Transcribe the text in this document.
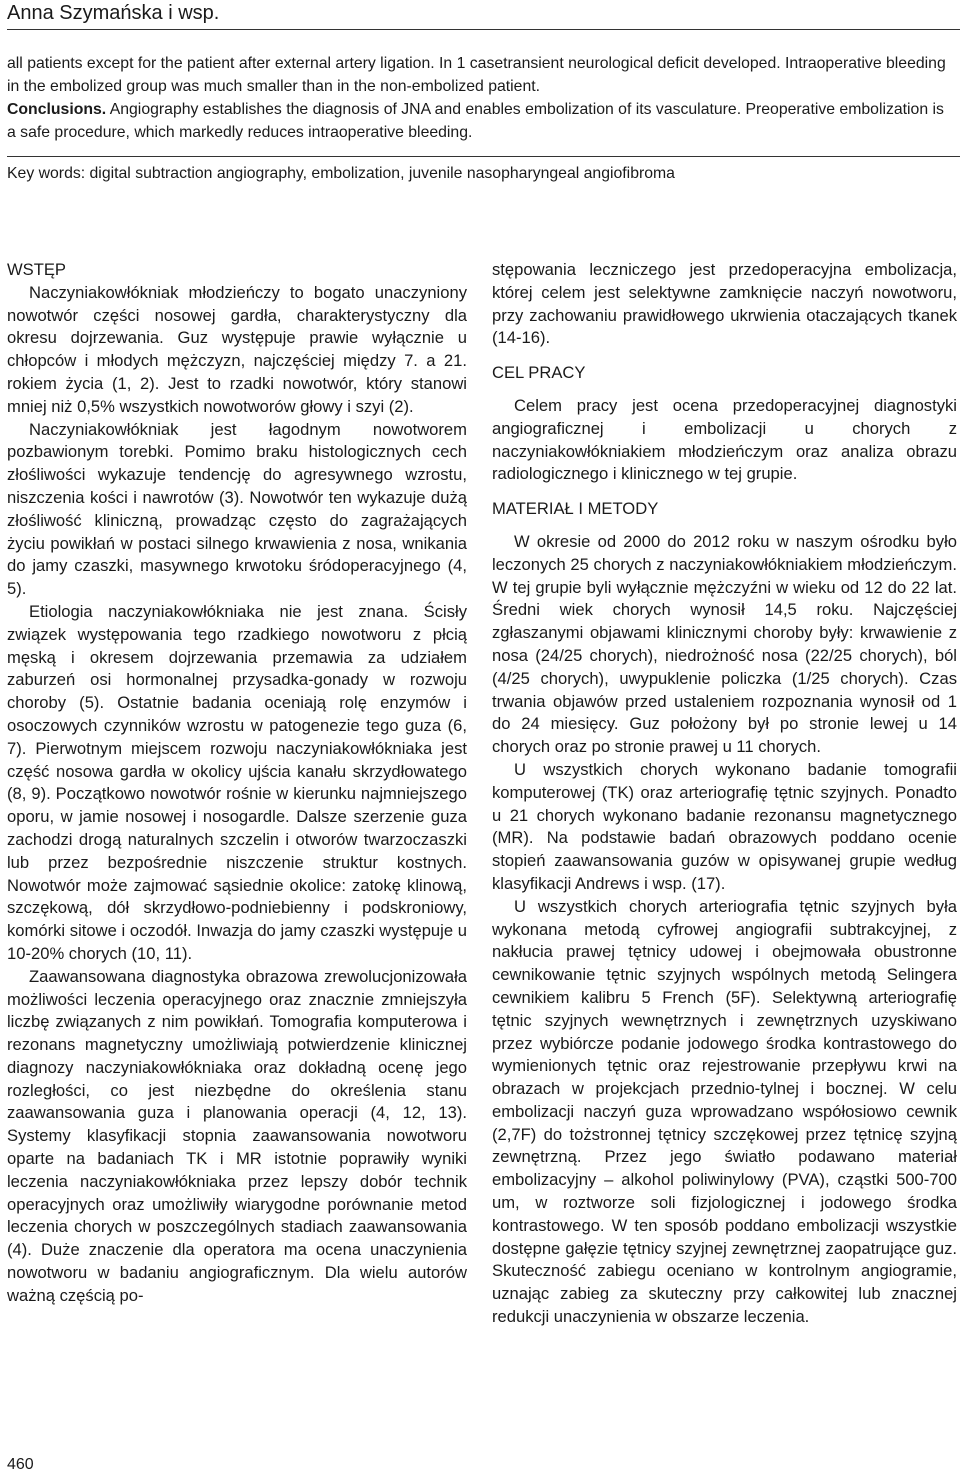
Anna Szymańska i wsp.

all patients except for the patient after external artery ligation. In 1 casetransient neurological deficit developed. Intraoperative bleeding in the embolized group was much smaller than in the non-embolized patient.

Conclusions. Angiography establishes the diagnosis of JNA and enables embolization of its vasculature. Preoperative embolization is a safe procedure, which markedly reduces intraoperative bleeding.

Key words: digital subtraction angiography, embolization, juvenile nasopharyngeal angiofibroma
WSTĘP

Naczyniakowłókniak młodzieńczy to bogato unaczyniony nowotwór części nosowej gardła, charakterystyczny dla okresu dojrzewania. Guz występuje prawie wyłącznie u chłopców i młodych mężczyzn, najczęściej między 7. a 21. rokiem życia (1, 2). Jest to rzadki nowotwór, który stanowi mniej niż 0,5% wszystkich nowotworów głowy i szyi (2).

Naczyniakowłókniak jest łagodnym nowotworem pozbawionym torebki. Pomimo braku histologicznych cech złośliwości wykazuje tendencję do agresywnego wzrostu, niszczenia kości i nawrotów (3). Nowotwór ten wykazuje dużą złośliwość kliniczną, prowadząc często do zagrażających życiu powikłań w postaci silnego krwawienia z nosa, wnikania do jamy czaszki, masywnego krwotoku śródoperacyjnego (4, 5).

Etiologia naczyniakowłókniaka nie jest znana. Ścisły związek występowania tego rzadkiego nowotworu z płcią męską i okresem dojrzewania przemawia za udziałem zaburzeń osi hormonalnej przysadka-gonady w rozwoju choroby (5). Ostatnie badania oceniają rolę enzymów i osoczowych czynników wzrostu w patogenezie tego guza (6, 7). Pierwotnym miejscem rozwoju naczyniakowłókniaka jest część nosowa gardła w okolicy ujścia kanału skrzydłowatego (8, 9). Początkowo nowotwór rośnie w kierunku najmniejszego oporu, w jamie nosowej i nosogardle. Dalsze szerzenie guza zachodzi drogą naturalnych szczelin i otworów twarzoczaszki lub przez bezpośrednie niszczenie struktur kostnych. Nowotwór może zajmować sąsiednie okolice: zatokę klinową, szczękową, dół skrzydłowo-podniebienny i podskroniowy, komórki sitowe i oczodół. Inwazja do jamy czaszki występuje u 10-20% chorych (10, 11).

Zaawansowana diagnostyka obrazowa zrewolucjonizowała możliwości leczenia operacyjnego oraz znacznie zmniejszyła liczbę związanych z nim powikłań. Tomografia komputerowa i rezonans magnetyczny umożliwiają potwierdzenie klinicznej diagnozy naczyniakowłókniaka oraz dokładną ocenę jego rozległości, co jest niezbędne do określenia stanu zaawansowania guza i planowania operacji (4, 12, 13). Systemy klasyfikacji stopnia zaawansowania nowotworu oparte na badaniach TK i MR istotnie poprawiły wyniki leczenia naczyniakowłókniaka przez lepszy dobór technik operacyjnych oraz umożliwiły wiarygodne porównanie metod leczenia chorych w poszczególnych stadiach zaawansowania (4). Duże znaczenie dla operatora ma ocena unaczynienia nowotworu w badaniu angiograficznym. Dla wielu autorów ważną częścią po-

stępowania leczniczego jest przedoperacyjna embolizacja, której celem jest selektywne zamknięcie naczyń nowotworu, przy zachowaniu prawidłowego ukrwienia otaczających tkanek (14-16).

CEL PRACY

Celem pracy jest ocena przedoperacyjnej diagnostyki angiograficznej i embolizacji u chorych z naczyniakowłókniakiem młodzieńczym oraz analiza obrazu radiologicznego i klinicznego w tej grupie.

MATERIAŁ I METODY

W okresie od 2000 do 2012 roku w naszym ośrodku było leczonych 25 chorych z naczyniakowłókniakiem młodzieńczym. W tej grupie byli wyłącznie mężczyźni w wieku od 12 do 22 lat. Średni wiek chorych wynosił 14,5 roku. Najczęściej zgłaszanymi objawami klinicznymi choroby były: krwawienie z nosa (24/25 chorych), niedrożność nosa (22/25 chorych), ból (4/25 chorych), uwypuklenie policzka (1/25 chorych). Czas trwania objawów przed ustaleniem rozpoznania wynosił od 1 do 24 miesięcy. Guz położony był po stronie lewej u 14 chorych oraz po stronie prawej u 11 chorych.

U wszystkich chorych wykonano badanie tomografii komputerowej (TK) oraz arteriografię tętnic szyjnych. Ponadto u 21 chorych wykonano badanie rezonansu magnetycznego (MR). Na podstawie badań obrazowych poddano ocenie stopień zaawansowania guzów w opisywanej grupie według klasyfikacji Andrews i wsp. (17).

U wszystkich chorych arteriografia tętnic szyjnych była wykonana metodą cyfrowej angiografii subtrakcyjnej, z nakłucia prawej tętnicy udowej i obejmowała obustronne cewnikowanie tętnic szyjnych wspólnych metodą Selingera cewnikiem kalibru 5 French (5F). Selektywną arteriografię tętnic szyjnych wewnętrznych i zewnętrznych uzyskiwano przez wybiórcze podanie jodowego środka kontrastowego do wymienionych tętnic oraz rejestrowanie przepływu krwi na obrazach w projekcjach przednio-tylnej i bocznej. W celu embolizacji naczyń guza wprowadzano współosiowo cewnik (2,7F) do tożstronnej tętnicy szczękowej przez tętnicę szyjną zewnętrzną. Przez jego światło podawano materiał embolizacyjny – alkohol poliwinylowy (PVA), cząstki 500-700 um, w roztworze soli fizjologicznej i jodowego środka kontrastowego. W ten sposób poddano embolizacji wszystkie dostępne gałęzie tętnicy szyjnej zewnętrznej zaopatrujące guz. Skuteczność zabiegu oceniano w kontrolnym angiogramie, uznając zabieg za skuteczny przy całkowitej lub znacznej redukcji unaczynienia w obszarze leczenia.

460
